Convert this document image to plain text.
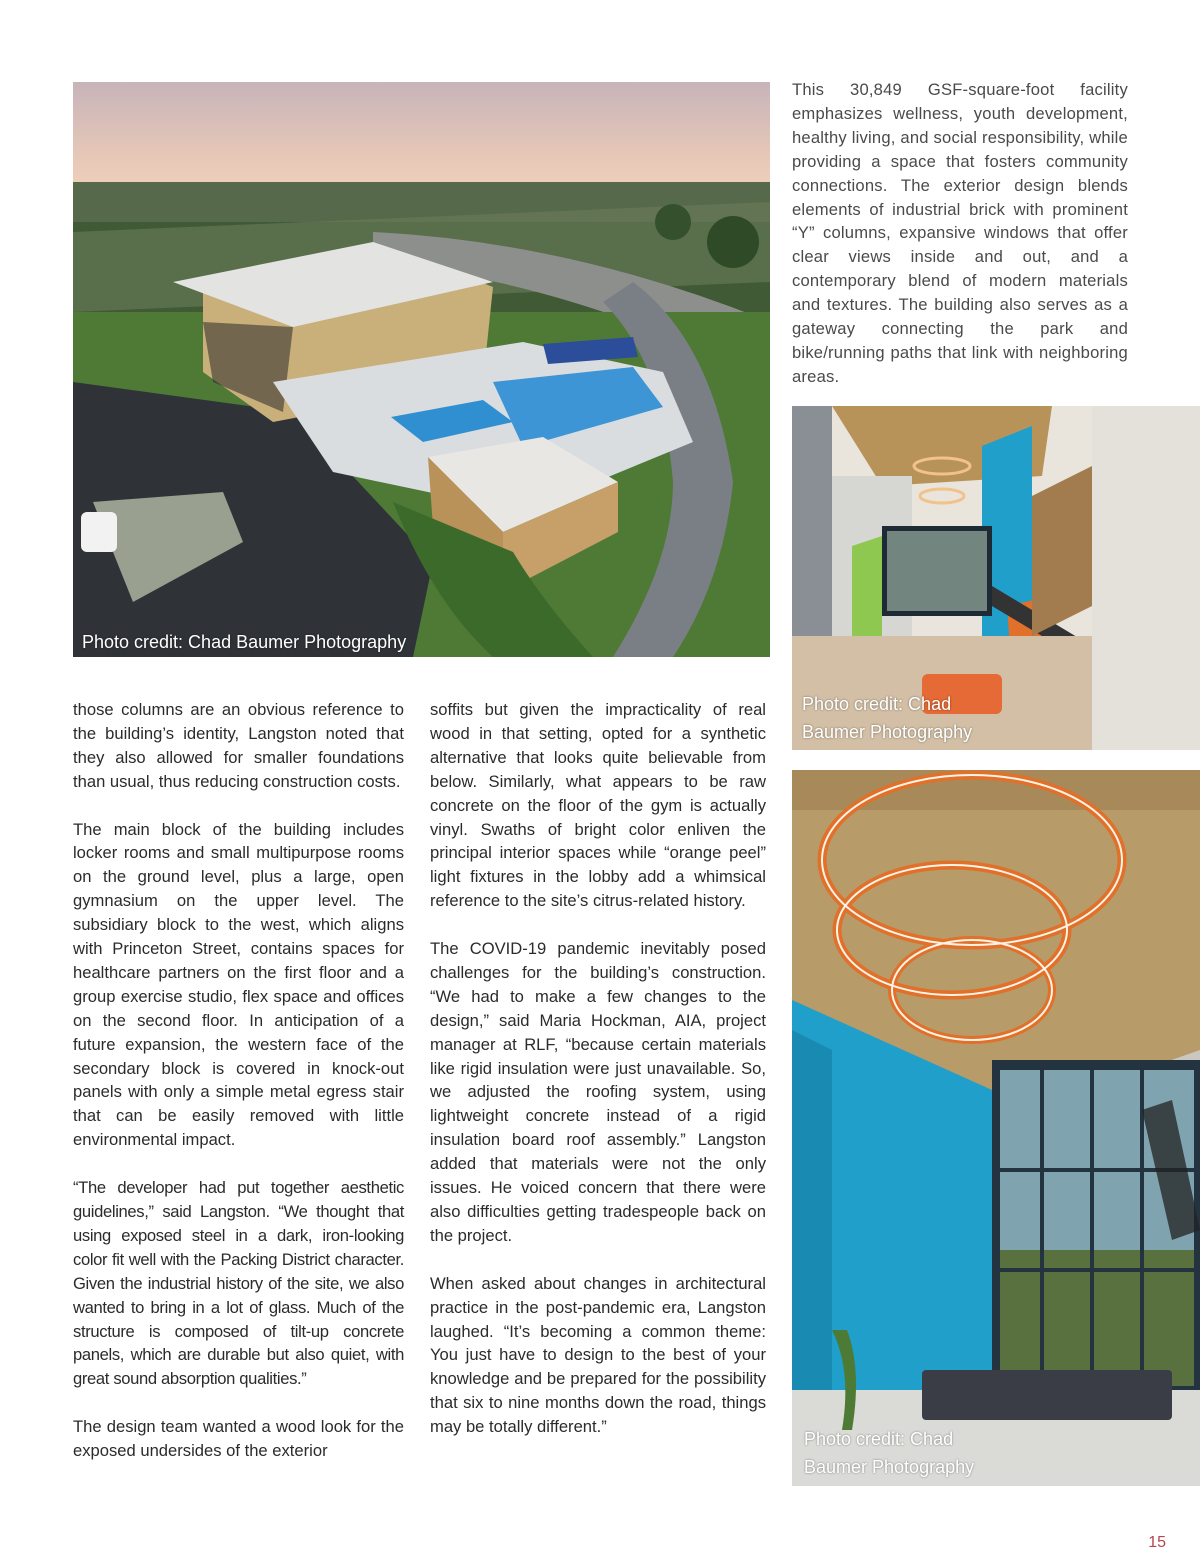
Photo credit: Chad Baumer Photography
This 30,849 GSF-square-foot facility emphasizes wellness, youth development, healthy living, and social responsibility, while providing a space that fosters community connections. The exterior design blends elements of industrial brick with prominent “Y” columns, expansive windows that offer clear views inside and out, and a contemporary blend of modern materials and textures. The building also serves as a gateway connecting the park and bike/running paths that link with neighboring areas.
Photo credit: Chad
Baumer Photography
Photo credit: Chad
Baumer Photography

those columns are an obvious reference to the building’s identity, Langston noted that they also allowed for smaller foundations than usual, thus reducing construction costs.

The main block of the building includes locker rooms and small multipurpose rooms on the ground level, plus a large, open gymnasium on the upper level. The subsidiary block to the west, which aligns with Princeton Street, contains spaces for healthcare partners on the first floor and a group exercise studio, flex space and offices on the second floor. In anticipation of a future expansion, the western face of the secondary block is covered in knock-out panels with only a simple metal egress stair that can be easily removed with little environmental impact.

“The developer had put together aesthetic guidelines,” said Langston. “We thought that using exposed steel in a dark, iron-looking color fit well with the Packing District character. Given the industrial history of the site, we also wanted to bring in a lot of glass. Much of the structure is composed of tilt-up concrete panels, which are durable but also quiet, with great sound absorption qualities.”

The design team wanted a wood look for the exposed undersides of the exterior

soffits but given the impracticality of real wood in that setting, opted for a synthetic alternative that looks quite believable from below. Similarly, what appears to be raw concrete on the floor of the gym is actually vinyl. Swaths of bright color enliven the principal interior spaces while “orange peel” light fixtures in the lobby add a whimsical reference to the site’s citrus-related history.

The COVID-19 pandemic inevitably posed challenges for the building’s construction. “We had to make a few changes to the design,” said Maria Hockman, AIA, project manager at RLF, “because certain materials like rigid insulation were just unavailable. So, we adjusted the roofing system, using lightweight concrete instead of a rigid insulation board roof assembly.” Langston added that materials were not the only issues. He voiced concern that there were also difficulties getting tradespeople back on the project.

When asked about changes in architectural practice in the post-pandemic era, Langston laughed. “It’s becoming a common theme: You just have to design to the best of your knowledge and be prepared for the possibility that six to nine months down the road, things may be totally different.”

15
